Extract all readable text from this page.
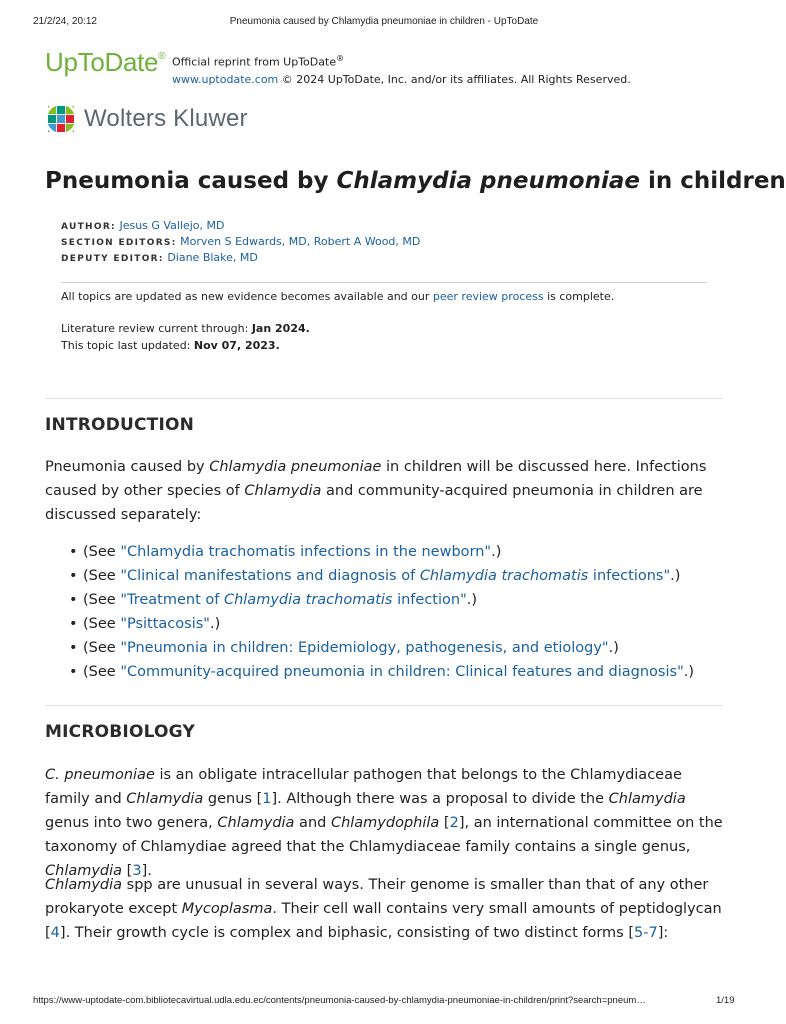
21/2/24, 20:12	Pneumonia caused by Chlamydia pneumoniae in children - UpToDate
UpToDate® Official reprint from UpToDate®
www.uptodate.com © 2024 UpToDate, Inc. and/or its affiliates. All Rights Reserved.
Wolters Kluwer
Pneumonia caused by Chlamydia pneumoniae in children
AUTHOR: Jesus G Vallejo, MD
SECTION EDITORS: Morven S Edwards, MD, Robert A Wood, MD
DEPUTY EDITOR: Diane Blake, MD
All topics are updated as new evidence becomes available and our peer review process is complete.
Literature review current through: Jan 2024.
This topic last updated: Nov 07, 2023.
INTRODUCTION

Pneumonia caused by Chlamydia pneumoniae in children will be discussed here. Infections caused by other species of Chlamydia and community-acquired pneumonia in children are discussed separately:

• (See "Chlamydia trachomatis infections in the newborn".)
• (See "Clinical manifestations and diagnosis of Chlamydia trachomatis infections".)
• (See "Treatment of Chlamydia trachomatis infection".)
• (See "Psittacosis".)
• (See "Pneumonia in children: Epidemiology, pathogenesis, and etiology".)
• (See "Community-acquired pneumonia in children: Clinical features and diagnosis".)
MICROBIOLOGY

C. pneumoniae is an obligate intracellular pathogen that belongs to the Chlamydiaceae family and Chlamydia genus [1]. Although there was a proposal to divide the Chlamydia genus into two genera, Chlamydia and Chlamydophila [2], an international committee on the taxonomy of Chlamydiae agreed that the Chlamydiaceae family contains a single genus, Chlamydia [3].

Chlamydia spp are unusual in several ways. Their genome is smaller than that of any other prokaryote except Mycoplasma. Their cell wall contains very small amounts of peptidoglycan [4]. Their growth cycle is complex and biphasic, consisting of two distinct forms [5-7]:

https://www-uptodate-com.bibliotecavirtual.udla.edu.ec/contents/pneumonia-caused-by-chlamydia-pneumoniae-in-children/print?search=pneum…	1/19
